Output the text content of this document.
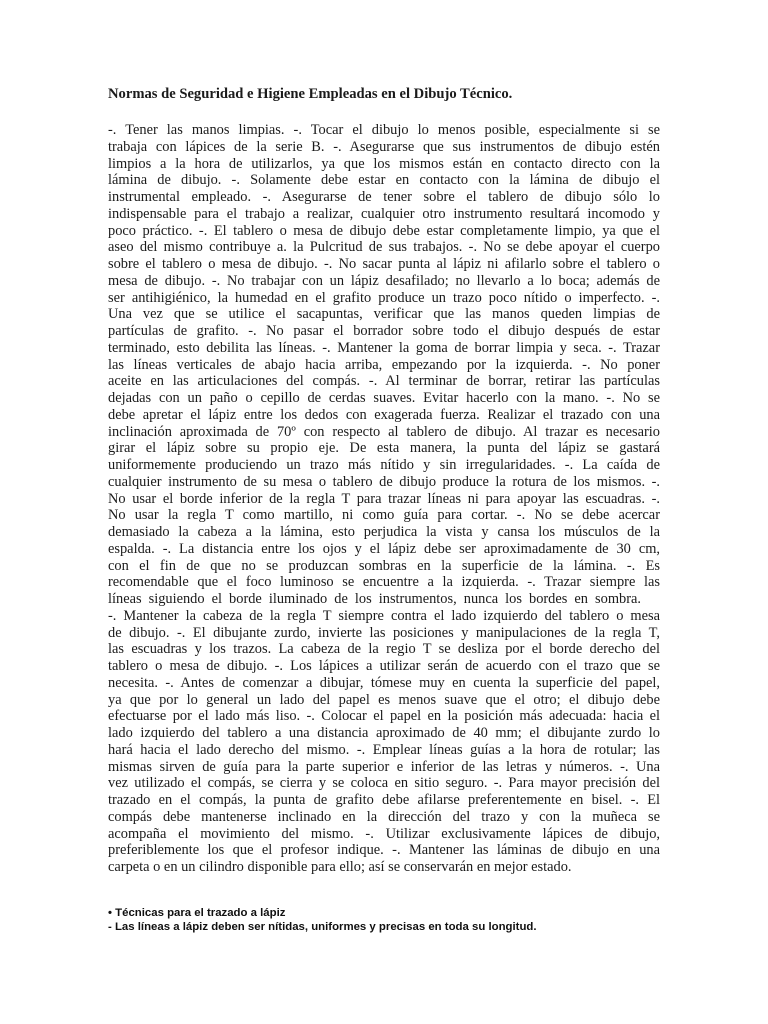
Normas de Seguridad e Higiene Empleadas en el Dibujo Técnico.
-. Tener las manos limpias. -. Tocar el dibujo lo menos posible, especialmente si se
trabaja con lápices de la serie B. -. Asegurarse que sus instrumentos de dibujo estén
limpios a la hora de utilizarlos, ya que los mismos están en contacto directo con la
lámina de dibujo. -. Solamente debe estar en contacto con la lámina de dibujo el
instrumental empleado. -. Asegurarse de tener sobre el tablero de dibujo sólo lo
indispensable para el trabajo a realizar, cualquier otro instrumento resultará incomodo y
poco práctico. -. El tablero o mesa de dibujo debe estar completamente limpio, ya que el
aseo del mismo contribuye a. la Pulcritud de sus trabajos. -. No se debe apoyar el cuerpo
sobre el tablero o mesa de dibujo. -. No sacar punta al lápiz ni afilarlo sobre el tablero o
mesa de dibujo. -. No trabajar con un lápiz desafilado; no llevarlo a lo boca; además de
ser antihigiénico, la humedad en el grafito produce un trazo poco nítido o imperfecto. -.
Una vez que se utilice el sacapuntas, verificar que las manos queden limpias de
partículas de grafito. -. No pasar el borrador sobre todo el dibujo después de estar
terminado, esto debilita las líneas. -. Mantener la goma de borrar limpia y seca. -. Trazar
las líneas verticales de abajo hacia arriba, empezando por la izquierda. -. No poner
aceite en las articulaciones del compás. -. Al terminar de borrar, retirar las partículas
dejadas con un paño o cepillo de cerdas suaves. Evitar hacerlo con la mano. -. No se
debe apretar el lápiz entre los dedos con exagerada fuerza. Realizar el trazado con una
inclinación aproximada de 70º con respecto al tablero de dibujo. Al trazar es necesario
girar el lápiz sobre su propio eje. De esta manera, la punta del lápiz se gastará
uniformemente produciendo un trazo más nítido y sin irregularidades. -. La caída de
cualquier instrumento de su mesa o tablero de dibujo produce la rotura de los mismos. -.
No usar el borde inferior de la regla T para trazar líneas ni para apoyar las escuadras. -.
No usar la regla T como martillo, ni como guía para cortar. -. No se debe acercar
demasiado la cabeza a la lámina, esto perjudica la vista y cansa los músculos de la
espalda. -. La distancia entre los ojos y el lápiz debe ser aproximadamente de 30 cm,
con el fin de que no se produzcan sombras en la superficie de la lámina. -. Es
recomendable que el foco luminoso se encuentre a la izquierda. -. Trazar siempre las
líneas siguiendo el borde iluminado de los instrumentos, nunca los bordes en sombra.
-. Mantener la cabeza de la regla T siempre contra el lado izquierdo del tablero o mesa
de dibujo. -. El dibujante zurdo, invierte las posiciones y manipulaciones de la regla T,
las escuadras y los trazos. La cabeza de la regio T se desliza por el borde derecho del
tablero o mesa de dibujo. -. Los lápices a utilizar serán de acuerdo con el trazo que se
necesita. -. Antes de comenzar a dibujar, tómese muy en cuenta la superficie del papel,
ya que por lo general un lado del papel es menos suave que el otro; el dibujo debe
efectuarse por el lado más liso. -. Colocar el papel en la posición más adecuada: hacia el
lado izquierdo del tablero a una distancia aproximado de 40 mm; el dibujante zurdo lo
hará hacia el lado derecho del mismo. -. Emplear líneas guías a la hora de rotular; las
mismas sirven de guía para la parte superior e inferior de las letras y números. -. Una
vez utilizado el compás, se cierra y se coloca en sitio seguro. -. Para mayor precisión del
trazado en el compás, la punta de grafito debe afilarse preferentemente en bisel. -. El
compás debe mantenerse inclinado en la dirección del trazo y con la muñeca se
acompaña el movimiento del mismo. -. Utilizar exclusivamente lápices de dibujo,
preferiblemente los que el profesor indique. -. Mantener las láminas de dibujo en una
carpeta o en un cilindro disponible para ello; así se conservarán en mejor estado.
• Técnicas para el trazado a lápiz
- Las líneas a lápiz deben ser nítidas, uniformes y precisas en toda su longitud.
